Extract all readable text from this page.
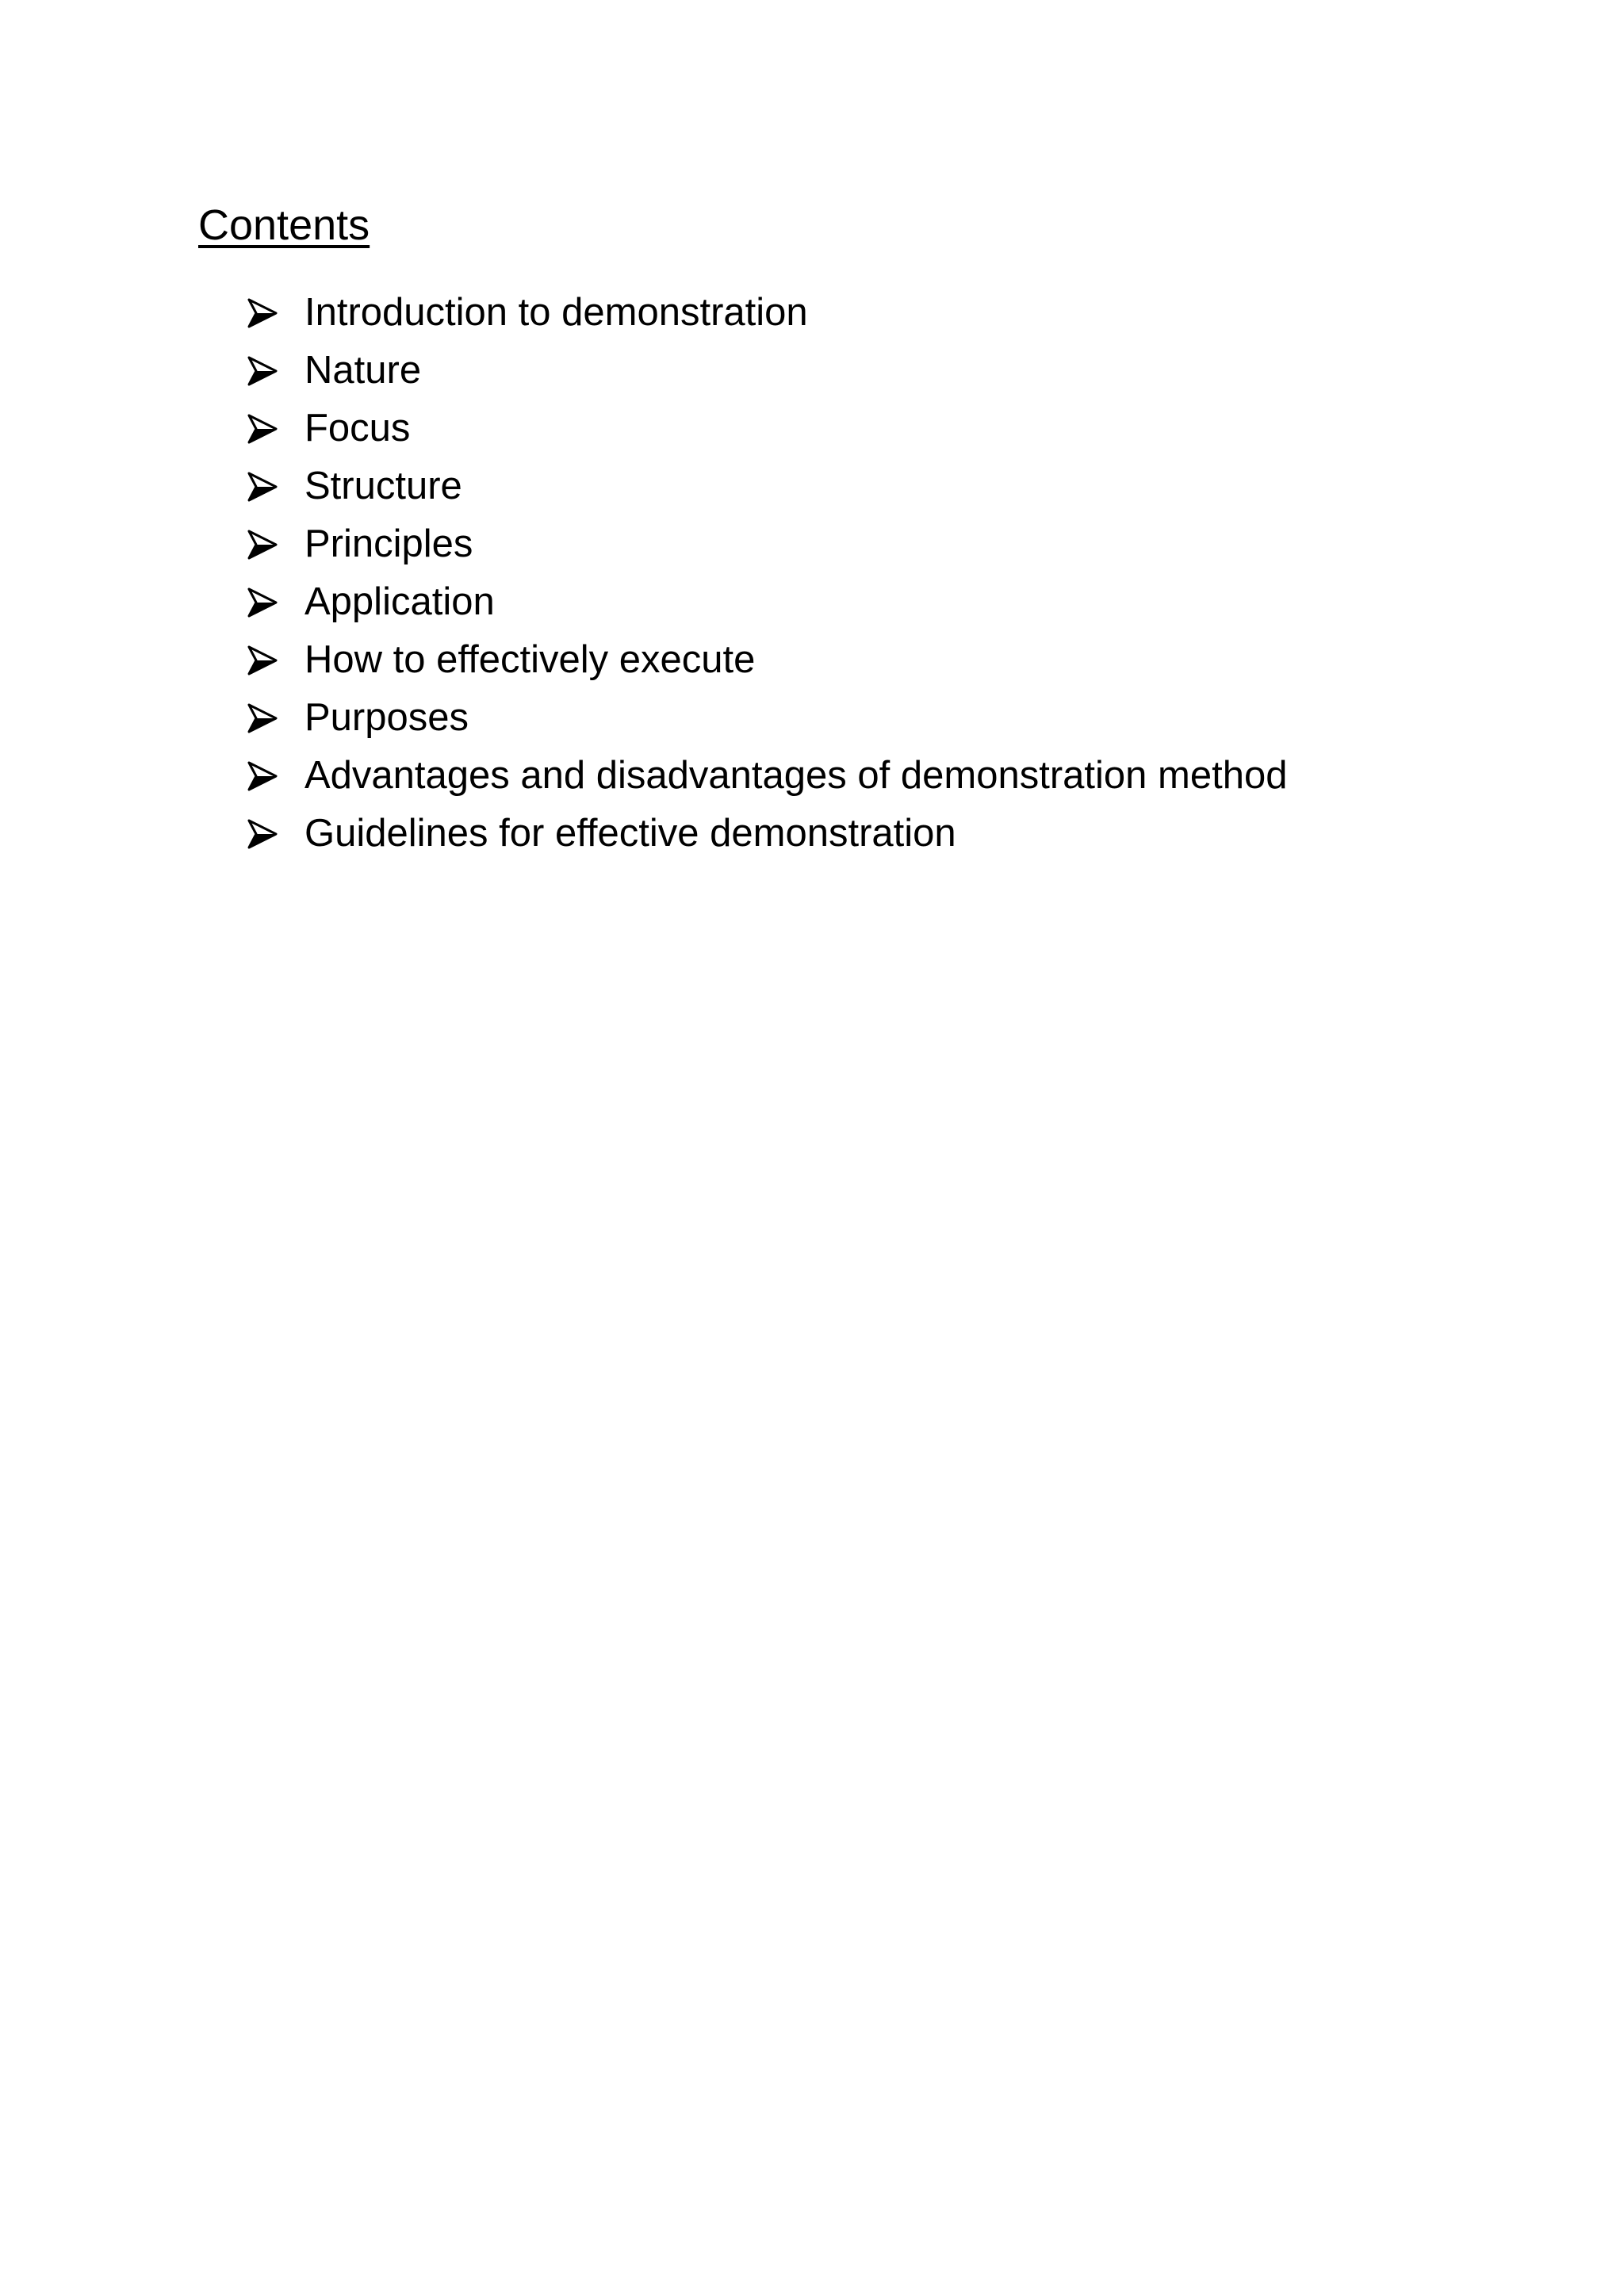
Contents
Introduction to demonstration
Nature
Focus
Structure
Principles
Application
How to effectively execute
Purposes
Advantages and disadvantages of demonstration method
Guidelines for effective demonstration
